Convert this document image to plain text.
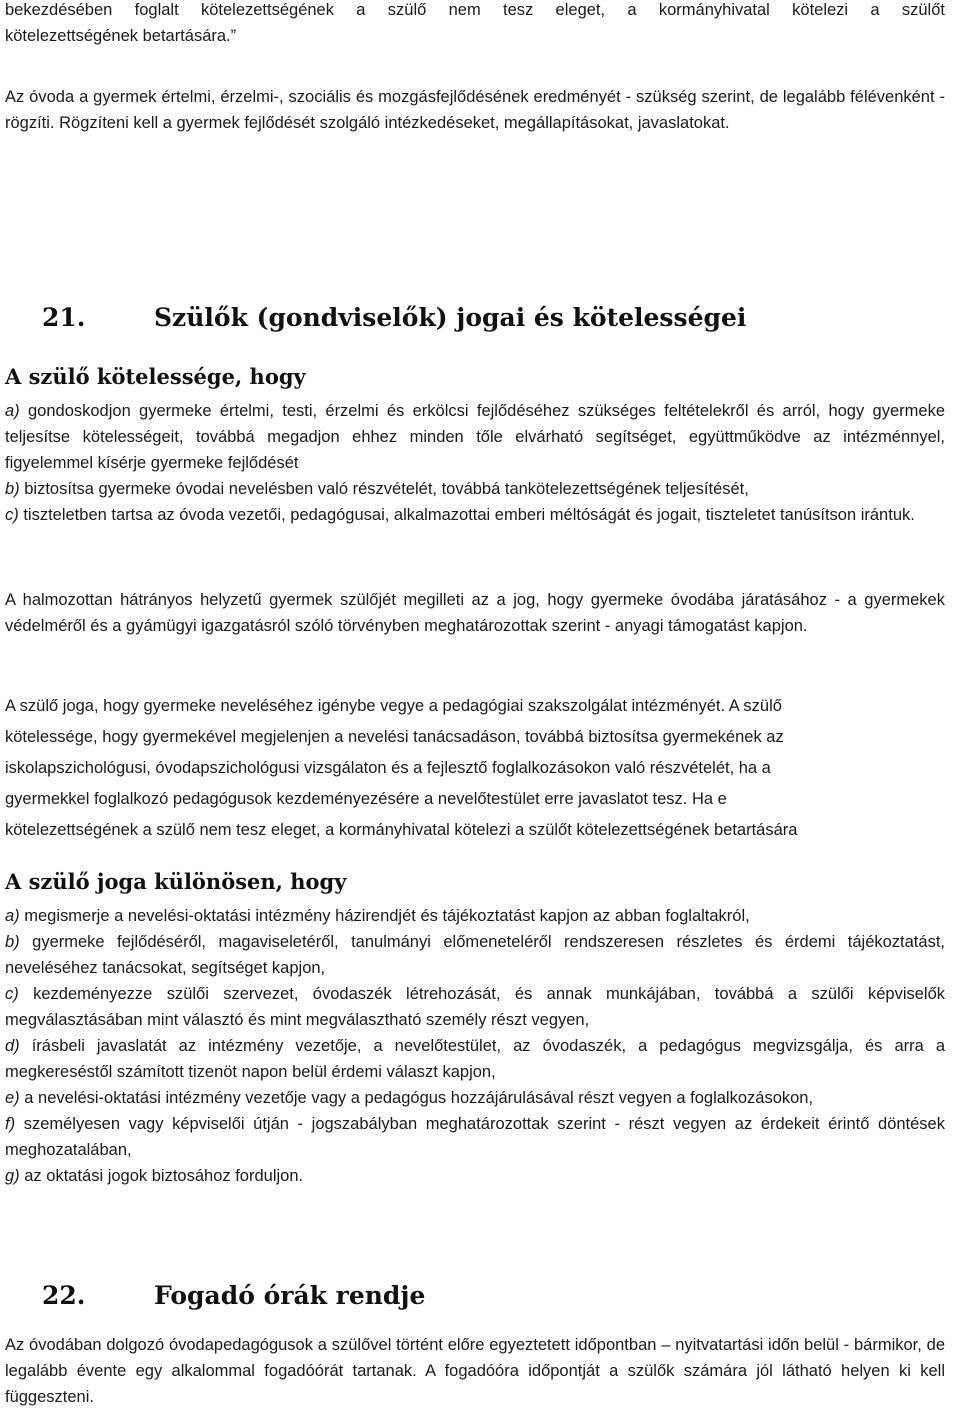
bekezdésében foglalt kötelezettségének a szülő nem tesz eleget, a kormányhivatal kötelezi a szülőt
kötelezettségének betartására.”

Az óvoda a gyermek értelmi, érzelmi-, szociális és mozgásfejlődésének eredményét - szükség szerint, de legalább félévenként - rögzíti. Rögzíteni kell a gyermek fejlődését szolgáló intézkedéseket, megállapításokat, javaslatokat.

21.	Szülők (gondviselők) jogai és kötelességei
A szülő kötelessége, hogy

a) gondoskodjon gyermeke értelmi, testi, érzelmi és erkölcsi fejlődéséhez szükséges feltételekről és arról, hogy gyermeke teljesítse kötelességeit, továbbá megadjon ehhez minden tőle elvárható segítséget, együttműködve az intézménnyel, figyelemmel kísérje gyermeke fejlődését
b) biztosítsa gyermeke óvodai nevelésben való részvételét, továbbá tankötelezettségének teljesítését,
c) tiszteletben tartsa az óvoda vezetői, pedagógusai, alkalmazottai emberi méltóságát és jogait, tiszteletet tanúsítson irántuk.

A halmozottan hátrányos helyzetű gyermek szülőjét megilleti az a jog, hogy gyermeke óvodába járatásához - a gyermekek védelméről és a gyámügyi igazgatásról szóló törvényben meghatározottak szerint - anyagi támogatást kapjon.

A szülő joga, hogy gyermeke neveléséhez igénybe vegye a pedagógiai szakszolgálat intézményét. A szülő
kötelessége, hogy gyermekével megjelenjen a nevelési tanácsadáson, továbbá biztosítsa gyermekének az
iskolapszichológusi, óvodapszichológusi vizsgálaton és a fejlesztő foglalkozásokon való részvételét, ha a
gyermekkel foglalkozó pedagógusok kezdeményezésére a nevelőtestület erre javaslatot tesz. Ha e
kötelezettségének a szülő nem tesz eleget, a kormányhivatal kötelezi a szülőt kötelezettségének betartására

A szülő joga különösen, hogy

a) megismerje a nevelési-oktatási intézmény házirendjét és tájékoztatást kapjon az abban foglaltakról,
b) gyermeke fejlődéséről, magaviseletéről, tanulmányi előmeneteléről rendszeresen részletes és érdemi tájékoztatást, neveléséhez tanácsokat, segítséget kapjon,
c) kezdeményezze szülői szervezet, óvodaszék létrehozását, és annak munkájában, továbbá a szülői képviselők megválasztásában mint választó és mint megválasztható személy részt vegyen,
d) írásbeli javaslatát az intézmény vezetője, a nevelőtestület, az óvodaszék, a pedagógus megvizsgálja, és arra a megkereséstől számított tizenöt napon belül érdemi választ kapjon,
e) a nevelési-oktatási intézmény vezetője vagy a pedagógus hozzájárulásával részt vegyen a foglalkozásokon,
f) személyesen vagy képviselői útján - jogszabályban meghatározottak szerint - részt vegyen az érdekeit érintő döntések meghozatalában,
g) az oktatási jogok biztosához forduljon.

22.	Fogadó órák rendje

Az óvodában dolgozó óvodapedagógusok a szülővel történt előre egyeztetett időpontban – nyitvatartási időn belül - bármikor, de legalább évente egy alkalommal fogadóórát tartanak. A fogadóóra időpontját a szülők számára jól látható helyen ki kell függeszteni.
